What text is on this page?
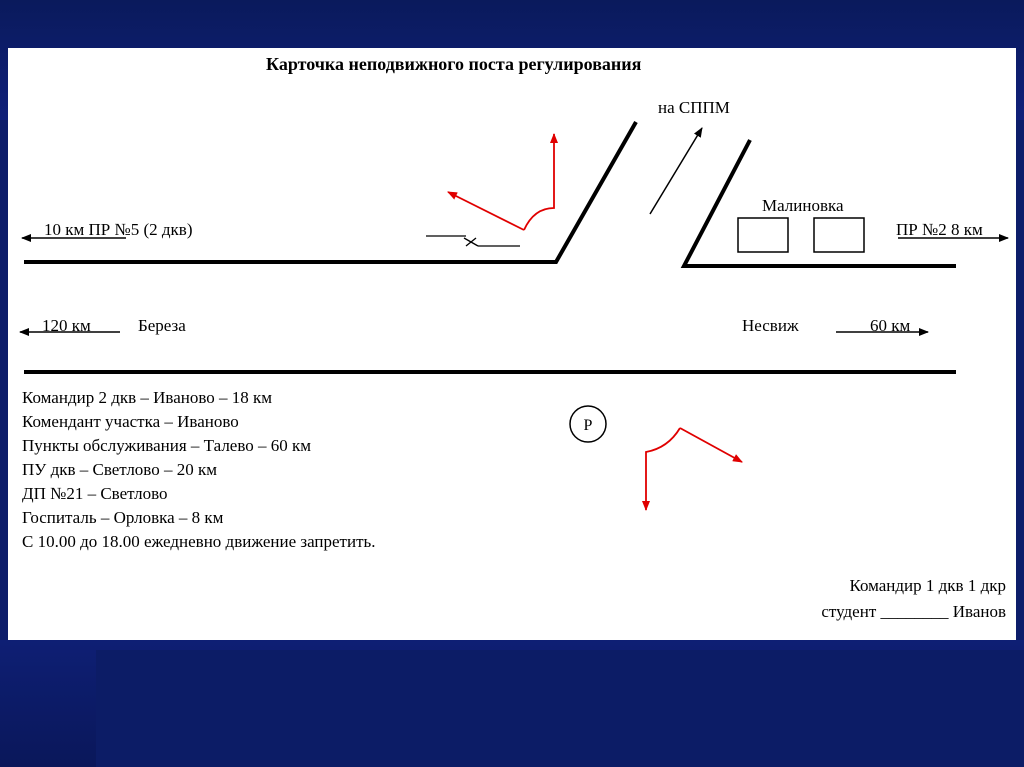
Р
Карточка неподвижного поста регулирования
на СППМ
Малиновка
10 км ПР №5 (2 дкв)	ПР №2 8 км
120 км	Береза	Несвиж	60 км
Командир 2 дкв – Иваново – 18 км
Комендант участка – Иваново
Пункты обслуживания – Талево – 60 км
ПУ дкв – Светлово – 20 км
ДП №21 – Светлово
Госпиталь – Орловка – 8 км
С 10.00 до 18.00 ежедневно движение запретить.
Командир 1 дкв 1 дкр
студент ________ Иванов
